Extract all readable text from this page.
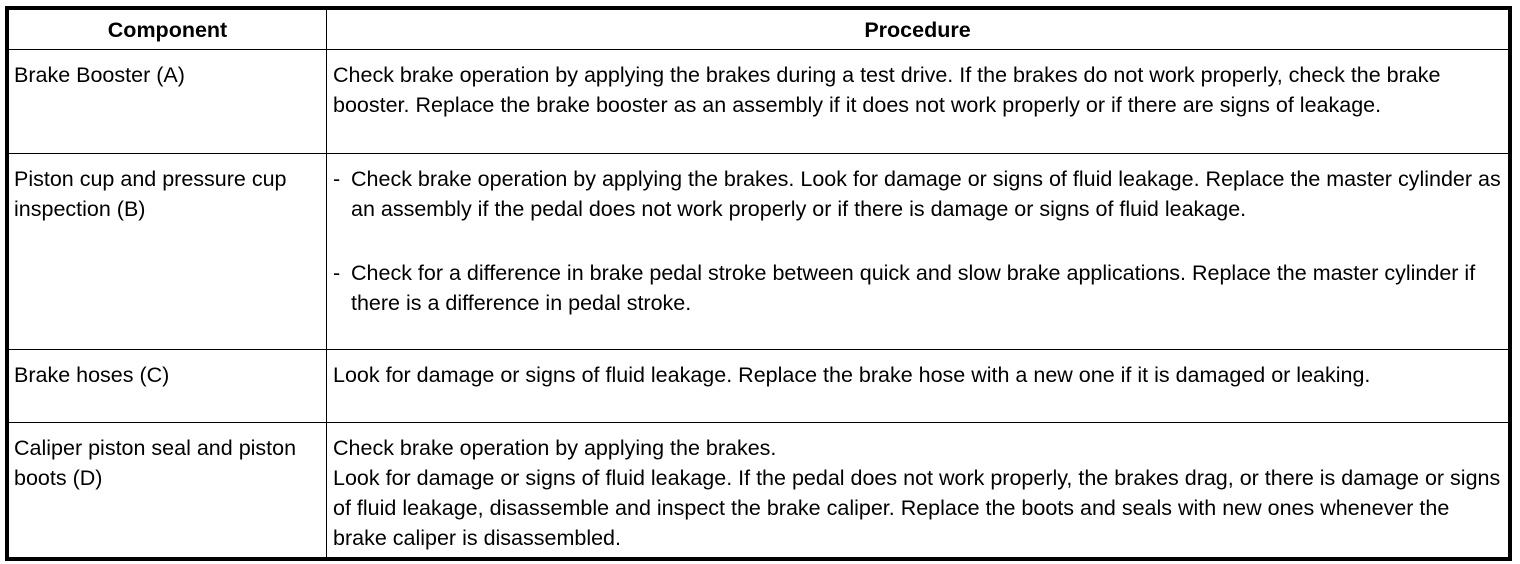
Component	Procedure
Brake Booster (A)	Check brake operation by applying the brakes during a test drive. If the brakes do not work properly, check the brake booster. Replace the brake booster as an assembly if it does not work properly or if there are signs of leakage.

Piston cup and pressure cup inspection (B)	- Check brake operation by applying the brakes. Look for damage or signs of fluid leakage. Replace the master cylinder as an assembly if the pedal does not work properly or if there is damage or signs of fluid leakage.
- Check for a difference in brake pedal stroke between quick and slow brake applications. Replace the master cylinder if there is a difference in pedal stroke.

Brake hoses (C)	Look for damage or signs of fluid leakage. Replace the brake hose with a new one if it is damaged or leaking.

Caliper piston seal and piston boots (D)	Check brake operation by applying the brakes.

Look for damage or signs of fluid leakage. If the pedal does not work properly, the brakes drag, or there is damage or signs of fluid leakage, disassemble and inspect the brake caliper. Replace the boots and seals with new ones whenever the brake caliper is disassembled.
